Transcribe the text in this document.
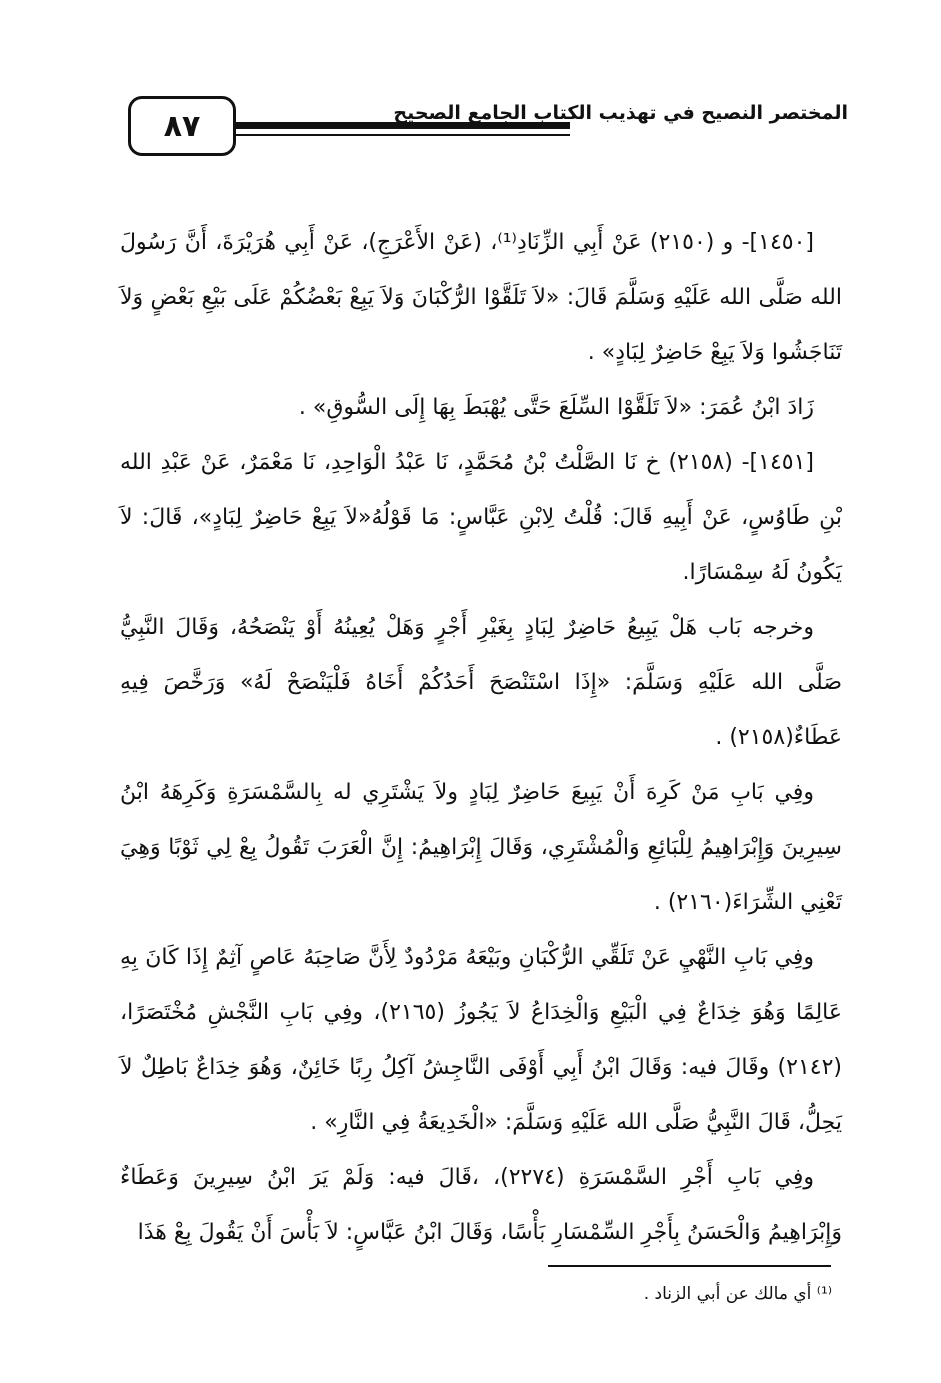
٨٧	المختصر النصيح في تهذيب الكتاب الجامع الصحيح

[١٤٥٠]- و (٢١٥٠) عَنْ أَبِي الزِّنَادِ⁽¹⁾، (عَنْ الأَعْرَجِ)، عَنْ أَبِي هُرَيْرَةَ، أَنَّ رَسُولَ الله صَلَّى الله عَلَيْهِ وَسَلَّمَ قَالَ: «لاَ تَلَقَّوْا الرُّكْبَانَ وَلاَ يَبِعْ بَعْضُكُمْ عَلَى بَيْعِ بَعْضٍ وَلاَ تَنَاجَشُوا وَلاَ يَبِعْ حَاضِرٌ لِبَادٍ» .

زَادَ ابْنُ عُمَرَ: «لاَ تَلَقَّوْا السِّلَعَ حَتَّى يُهْبَطَ بِهَا إِلَى السُّوقِ» .

[١٤٥١]- (٢١٥٨) خ نَا الصَّلْتُ بْنُ مُحَمَّدٍ، نَا عَبْدُ الْوَاحِدِ، نَا مَعْمَرٌ، عَنْ عَبْدِ الله بْنِ طَاوُسٍ، عَنْ أَبِيهِ قَالَ: قُلْتُ لِابْنِ عَبَّاسٍ: مَا قَوْلُهُ«لاَ يَبِعْ حَاضِرٌ لِبَادٍ»، قَالَ: لاَ يَكُونُ لَهُ سِمْسَارًا.

وخرجه بَاب هَلْ يَبِيعُ حَاضِرٌ لِبَادٍ بِغَيْرِ أَجْرٍ وَهَلْ يُعِينُهُ أَوْ يَنْصَحُهُ، وَقَالَ النَّبِيُّ صَلَّى الله عَلَيْهِ وَسَلَّمَ: «إِذَا اسْتَنْصَحَ أَحَدُكُمْ أَخَاهُ فَلْيَنْصَحْ لَهُ» وَرَخَّصَ فِيهِ عَطَاءٌ(٢١٥٨) .

وفِي بَابِ مَنْ كَرِهَ أَنْ يَبِيعَ حَاضِرٌ لِبَادٍ ولاَ يَشْتَرِي له بِالسَّمْسَرَةِ وَكَرِهَهُ ابْنُ سِيرِينَ وَإِبْرَاهِيمُ لِلْبَائِعِ وَالْمُشْتَرِي، وَقَالَ إِبْرَاهِيمُ: إِنَّ الْعَرَبَ تَقُولُ بِعْ لِي ثَوْبًا وَهِيَ تَعْنِي الشِّرَاءَ(٢١٦٠) .

وفِي بَابِ النَّهْيِ عَنْ تَلَقِّي الرُّكْبَانِ وبَيْعَهُ مَرْدُودٌ لِأَنَّ صَاحِبَهُ عَاصٍ آثِمٌ إِذَا كَانَ بِهِ عَالِمًا وَهُوَ خِدَاعٌ فِي الْبَيْعِ وَالْخِدَاعُ لاَ يَجُوزُ (٢١٦٥)، وفِي بَابِ النَّجْشِ مُخْتَصَرًا، (٢١٤٢) وقَالَ فيه: وَقَالَ ابْنُ أَبِي أَوْفَى النَّاجِشُ آكِلُ رِبًا خَائِنٌ، وَهُوَ خِدَاعٌ بَاطِلٌ لاَ يَحِلُّ، قَالَ النَّبِيُّ صَلَّى الله عَلَيْهِ وَسَلَّمَ: «الْخَدِيعَةُ فِي النَّارِ» .

وفِي بَابِ أَجْرِ السَّمْسَرَةِ (٢٢٧٤)، ،قَالَ فيه: وَلَمْ يَرَ ابْنُ سِيرِينَ وَعَطَاءٌ وَإِبْرَاهِيمُ وَالْحَسَنُ بِأَجْرِ السِّمْسَارِ بَأْسًا، وَقَالَ ابْنُ عَبَّاسٍ: لاَ بَأْسَ أَنْ يَقُولَ بِعْ هَذَا

⁽¹⁾ أي مالك عن أبي الزناد .
